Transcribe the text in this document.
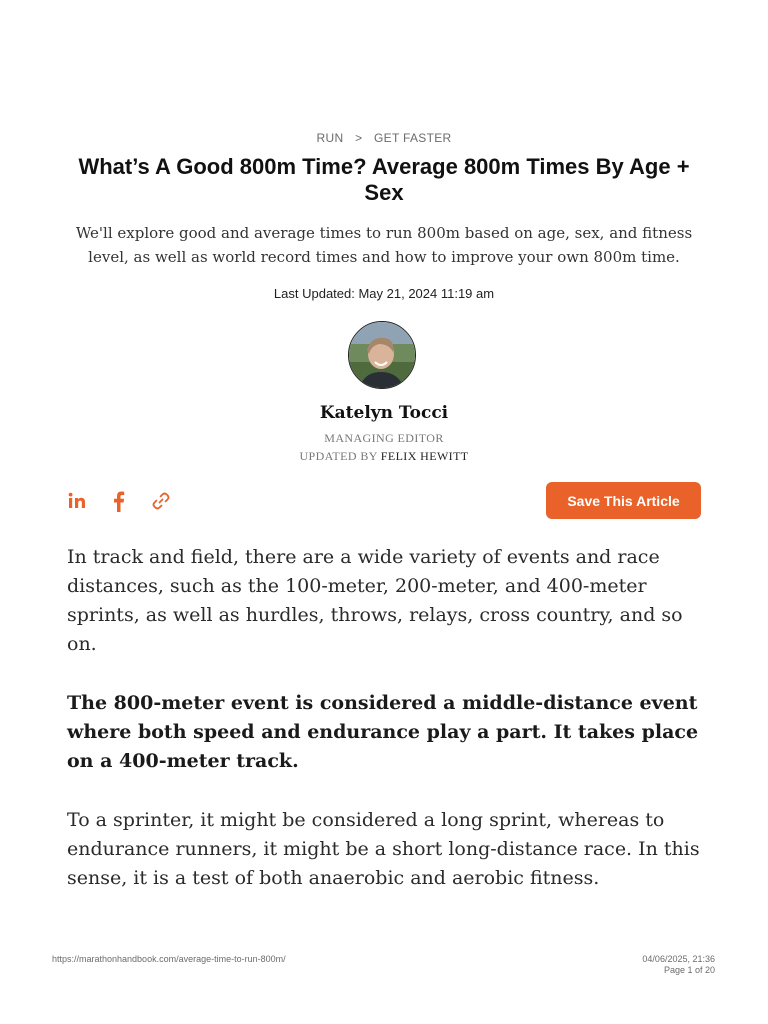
RUN > GET FASTER
What’s A Good 800m Time? Average 800m Times By Age + Sex
We'll explore good and average times to run 800m based on age, sex, and fitness level, as well as world record times and how to improve your own 800m time.
Last Updated: May 21, 2024 11:19 am
Katelyn Tocci
MANAGING EDITOR
UPDATED BY FELIX HEWITT
Save This Article

In track and field, there are a wide variety of events and race distances, such as the 100-meter, 200-meter, and 400-meter sprints, as well as hurdles, throws, relays, cross country, and so on.

The 800-meter event is considered a middle-distance event where both speed and endurance play a part. It takes place on a 400-meter track.

To a sprinter, it might be considered a long sprint, whereas to endurance runners, it might be a short long-distance race. In this sense, it is a test of both anaerobic and aerobic fitness.

https://marathonhandbook.com/average-time-to-run-800m/	04/06/2025, 21:36
Page 1 of 20
